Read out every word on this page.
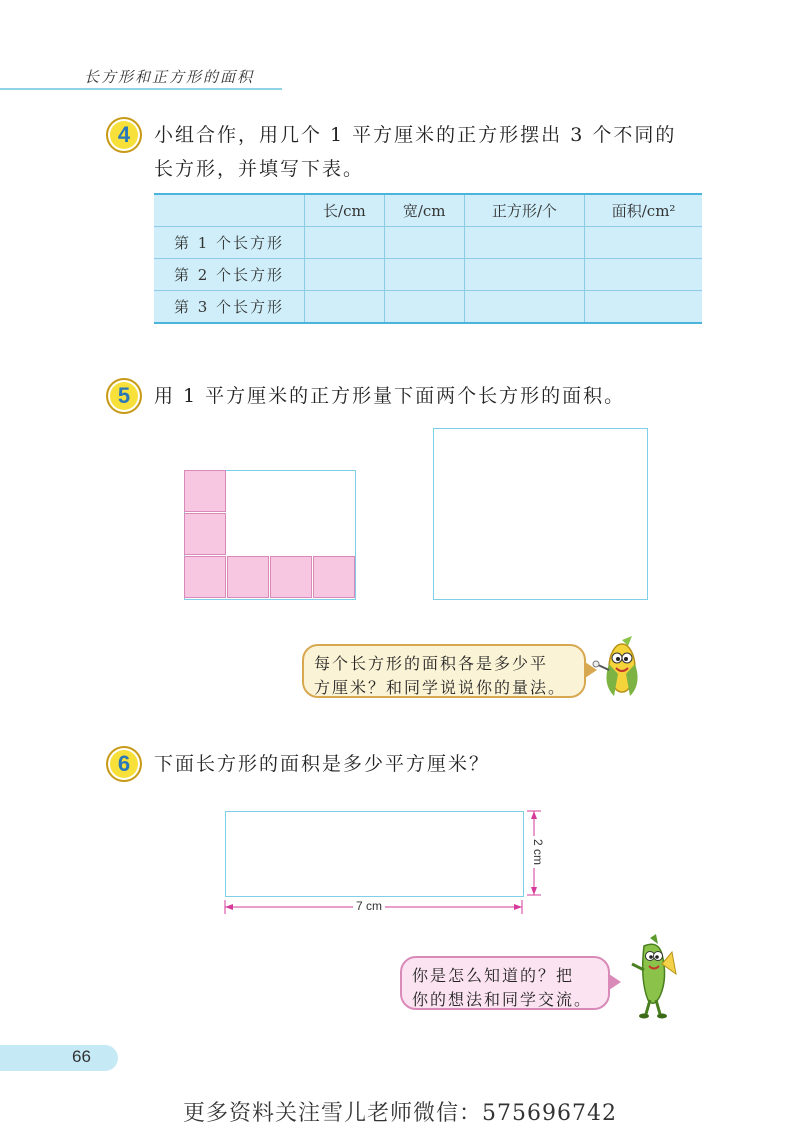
长方形和正方形的面积
4	小组合作，用几个 1 平方厘米的正方形摆出 3 个不同的
长方形，并填写下表。
	长/cm	宽/cm	正方形/个	面积/cm²
第 1 个长方形				
第 2 个长方形				
第 3 个长方形				
5	用 1 平方厘米的正方形量下面两个长方形的面积。
每个长方形的面积各是多少平
方厘米？和同学说说你的量法。
6	下面长方形的面积是多少平方厘米？
7 cm
2 cm
你是怎么知道的？把
你的想法和同学交流。
66
更多资料关注雪儿老师微信：575696742
